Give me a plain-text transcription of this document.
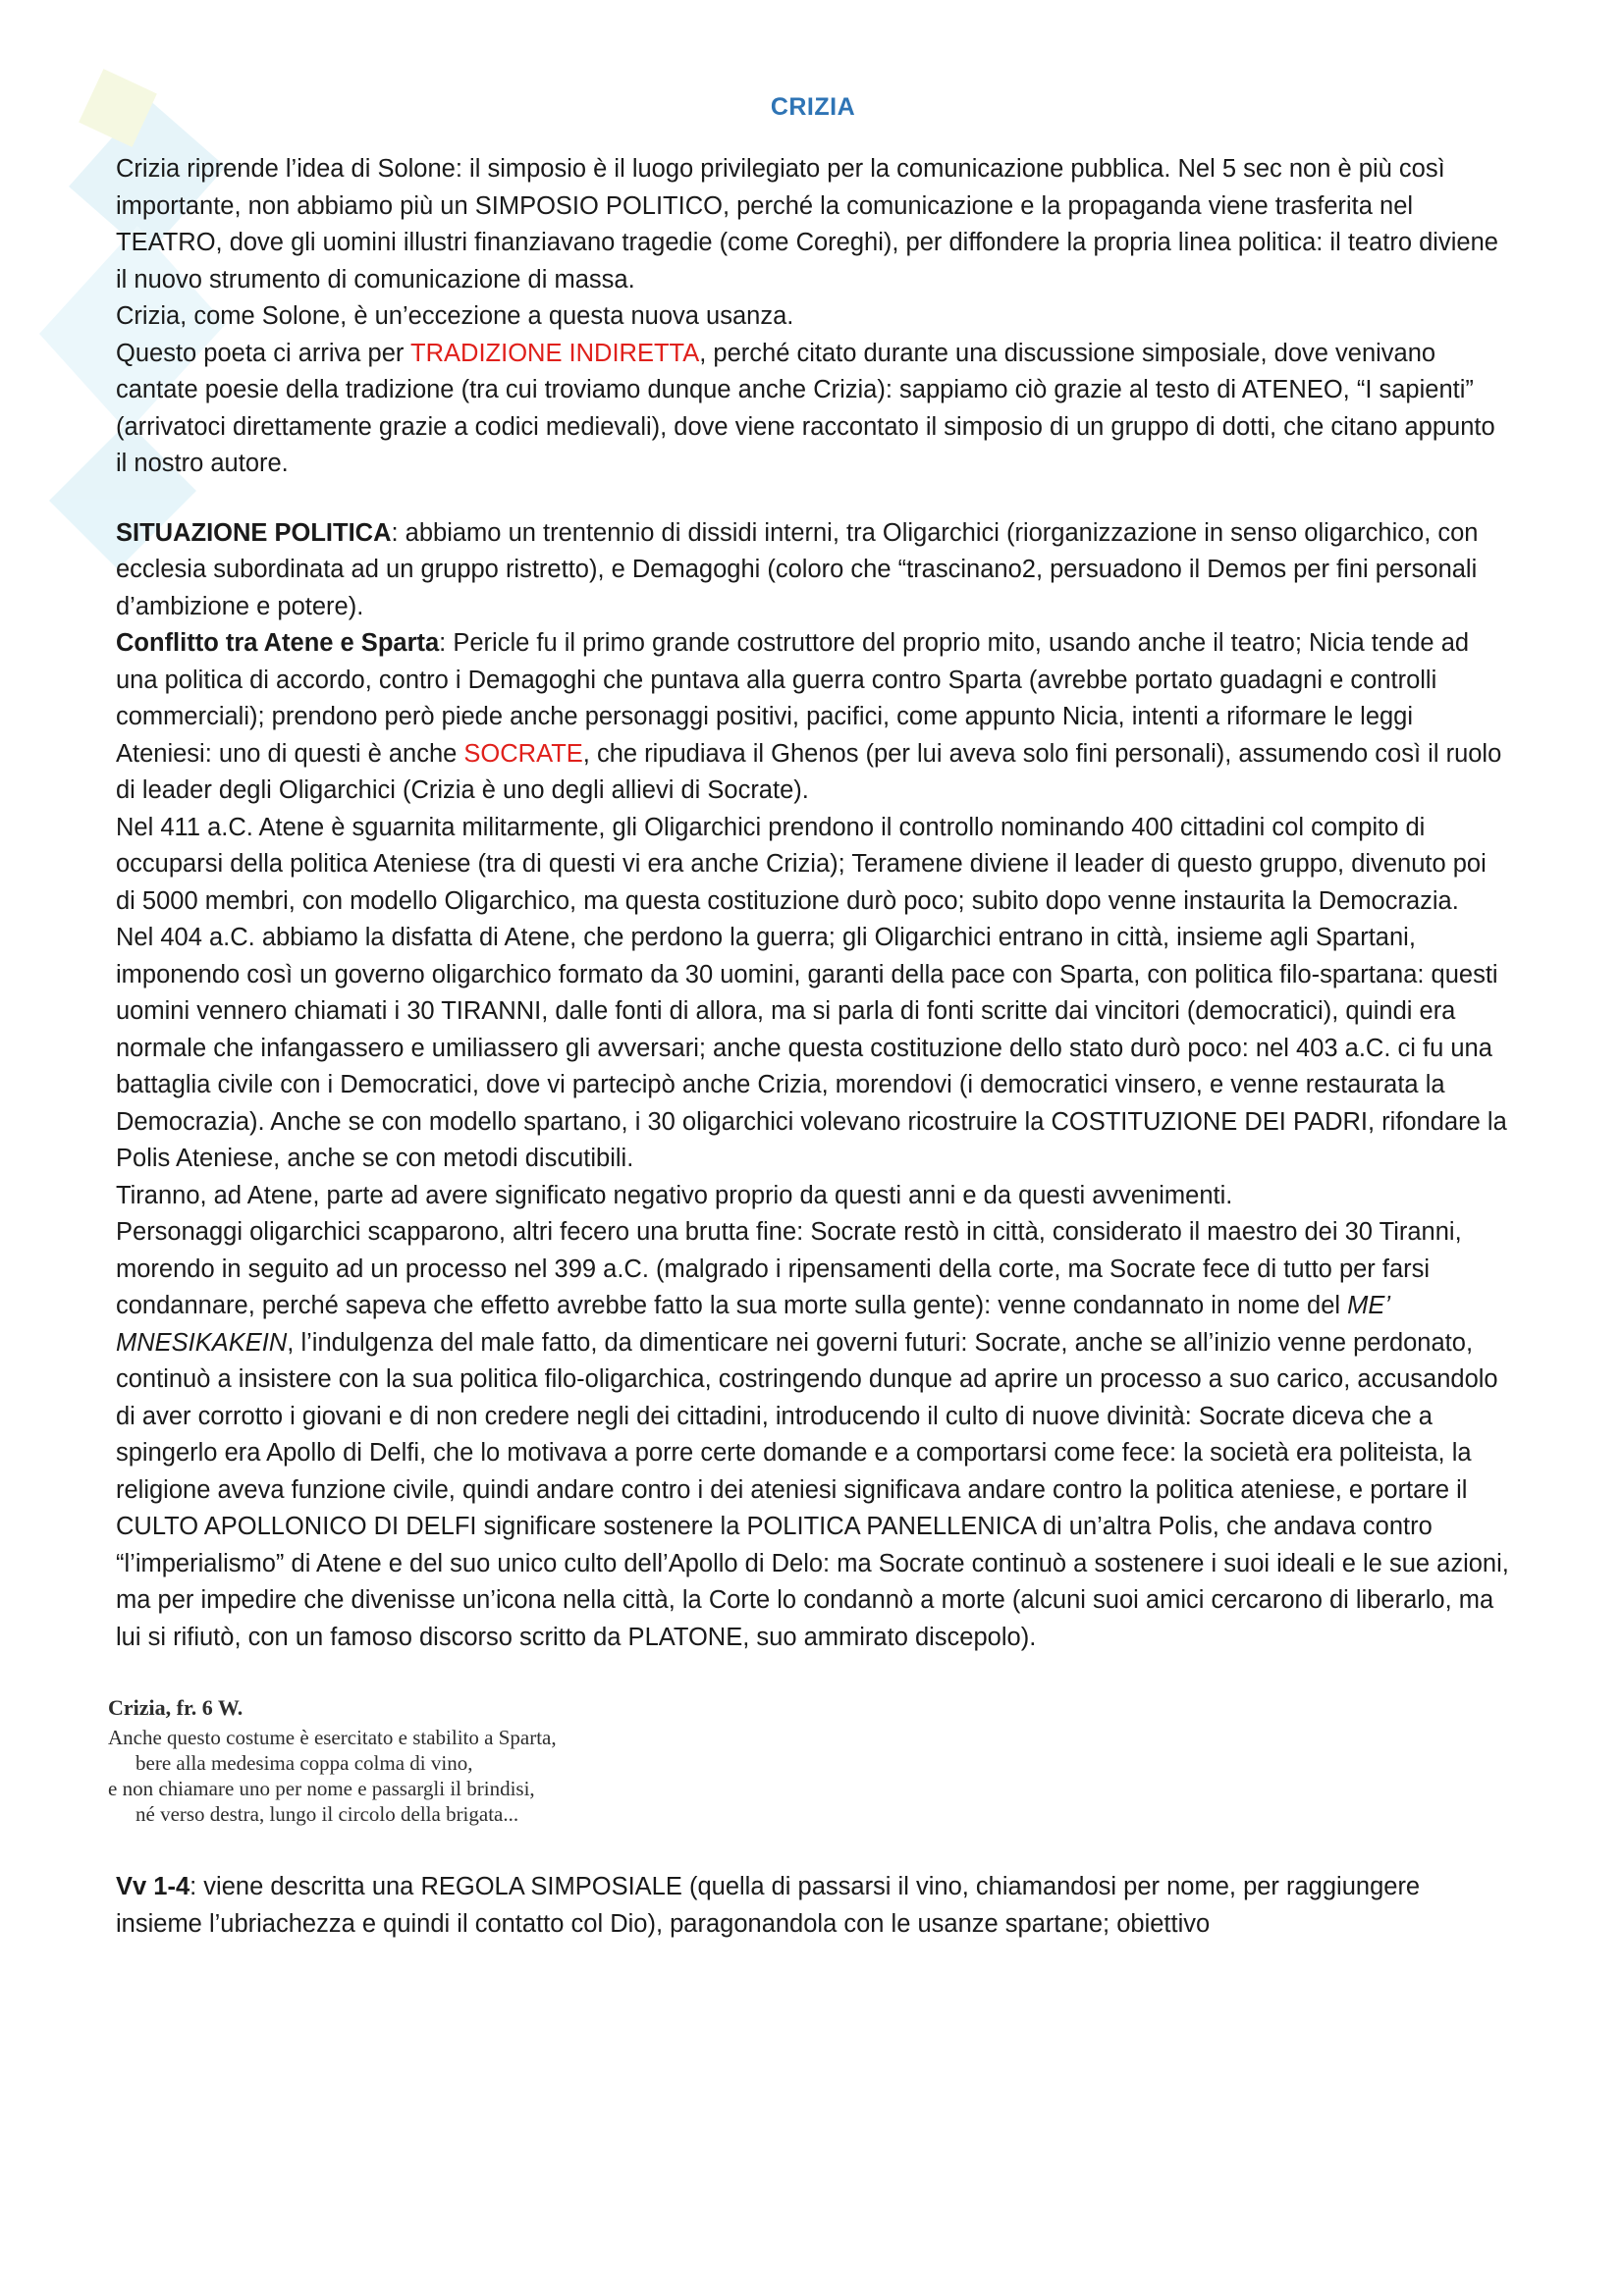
CRIZIA

Crizia riprende l’idea di Solone: il simposio è il luogo privilegiato per la comunicazione pubblica. Nel 5 sec non è più così importante, non abbiamo più un SIMPOSIO POLITICO, perché la comunicazione e la propaganda viene trasferita nel TEATRO, dove gli uomini illustri finanziavano tragedie (come Coreghi), per diffondere la propria linea politica: il teatro diviene il nuovo strumento di comunicazione di massa.

Crizia, come Solone, è un’eccezione a questa nuova usanza.

Questo poeta ci arriva per TRADIZIONE INDIRETTA, perché citato durante una discussione simposiale, dove venivano cantate poesie della tradizione (tra cui troviamo dunque anche Crizia): sappiamo ciò grazie al testo di ATENEO, “I sapienti” (arrivatoci direttamente grazie a codici medievali), dove viene raccontato il simposio di un gruppo di dotti, che citano appunto il nostro autore.

SITUAZIONE POLITICA: abbiamo un trentennio di dissidi interni, tra Oligarchici (riorganizzazione in senso oligarchico, con ecclesia subordinata ad un gruppo ristretto), e Demagoghi (coloro che “trascinano2, persuadono il Demos per fini personali d’ambizione e potere).

Conflitto tra Atene e Sparta: Pericle fu il primo grande costruttore del proprio mito, usando anche il teatro; Nicia tende ad una politica di accordo, contro i Demagoghi che puntava alla guerra contro Sparta (avrebbe portato guadagni e controlli commerciali); prendono però piede anche personaggi positivi, pacifici, come appunto Nicia, intenti a riformare le leggi Ateniesi: uno di questi è anche SOCRATE, che ripudiava il Ghenos (per lui aveva solo fini personali), assumendo così il ruolo di leader degli Oligarchici (Crizia è uno degli allievi di Socrate).

Nel 411 a.C. Atene è sguarnita militarmente, gli Oligarchici prendono il controllo nominando 400 cittadini col compito di occuparsi della politica Ateniese (tra di questi vi era anche Crizia); Teramene diviene il leader di questo gruppo, divenuto poi di 5000 membri, con modello Oligarchico, ma questa costituzione durò poco; subito dopo venne instaurita la Democrazia.

Nel 404 a.C. abbiamo la disfatta di Atene, che perdono la guerra; gli Oligarchici entrano in città, insieme agli Spartani, imponendo così un governo oligarchico formato da 30 uomini, garanti della pace con Sparta, con politica filo-spartana: questi uomini vennero chiamati i 30 TIRANNI, dalle fonti di allora, ma si parla di fonti scritte dai vincitori (democratici), quindi era normale che infangassero e umiliassero gli avversari; anche questa costituzione dello stato durò poco: nel 403 a.C. ci fu una battaglia civile con i Democratici, dove vi partecipò anche Crizia, morendovi (i democratici vinsero, e venne restaurata la Democrazia). Anche se con modello spartano, i 30 oligarchici volevano ricostruire la COSTITUZIONE DEI PADRI, rifondare la Polis Ateniese, anche se con metodi discutibili.

Tiranno, ad Atene, parte ad avere significato negativo proprio da questi anni e da questi avvenimenti.

Personaggi oligarchici scapparono, altri fecero una brutta fine: Socrate restò in città, considerato il maestro dei 30 Tiranni, morendo in seguito ad un processo nel 399 a.C. (malgrado i ripensamenti della corte, ma Socrate fece di tutto per farsi condannare, perché sapeva che effetto avrebbe fatto la sua morte sulla gente): venne condannato in nome del ME’ MNESIKAKEIN, l’indulgenza del male fatto, da dimenticare nei governi futuri: Socrate, anche se all’inizio venne perdonato, continuò a insistere con la sua politica filo-oligarchica, costringendo dunque ad aprire un processo a suo carico, accusandolo di aver corrotto i giovani e di non credere negli dei cittadini, introducendo il culto di nuove divinità: Socrate diceva che a spingerlo era Apollo di Delfi, che lo motivava a porre certe domande e a comportarsi come fece: la società era politeista, la religione aveva funzione civile, quindi andare contro i dei ateniesi significava andare contro la politica ateniese, e portare il CULTO APOLLONICO DI DELFI significare sostenere la POLITICA PANELLENICA di un’altra Polis, che andava contro “l’imperialismo” di Atene e del suo unico culto dell’Apollo di Delo: ma Socrate continuò a sostenere i suoi ideali e le sue azioni, ma per impedire che divenisse un’icona nella città, la Corte lo condannò a morte (alcuni suoi amici cercarono di liberarlo, ma lui si rifiutò, con un famoso discorso scritto da PLATONE, suo ammirato discepolo).

Crizia, fr. 6 W.
Anche questo costume è esercitato e stabilito a Sparta,
bere alla medesima coppa colma di vino,
e non chiamare uno per nome e passargli il brindisi,
né verso destra, lungo il circolo della brigata...

Vv 1-4: viene descritta una REGOLA SIMPOSIALE (quella di passarsi il vino, chiamandosi per nome, per raggiungere insieme l’ubriachezza e quindi il contatto col Dio), paragonandola con le usanze spartane; obiettivo
